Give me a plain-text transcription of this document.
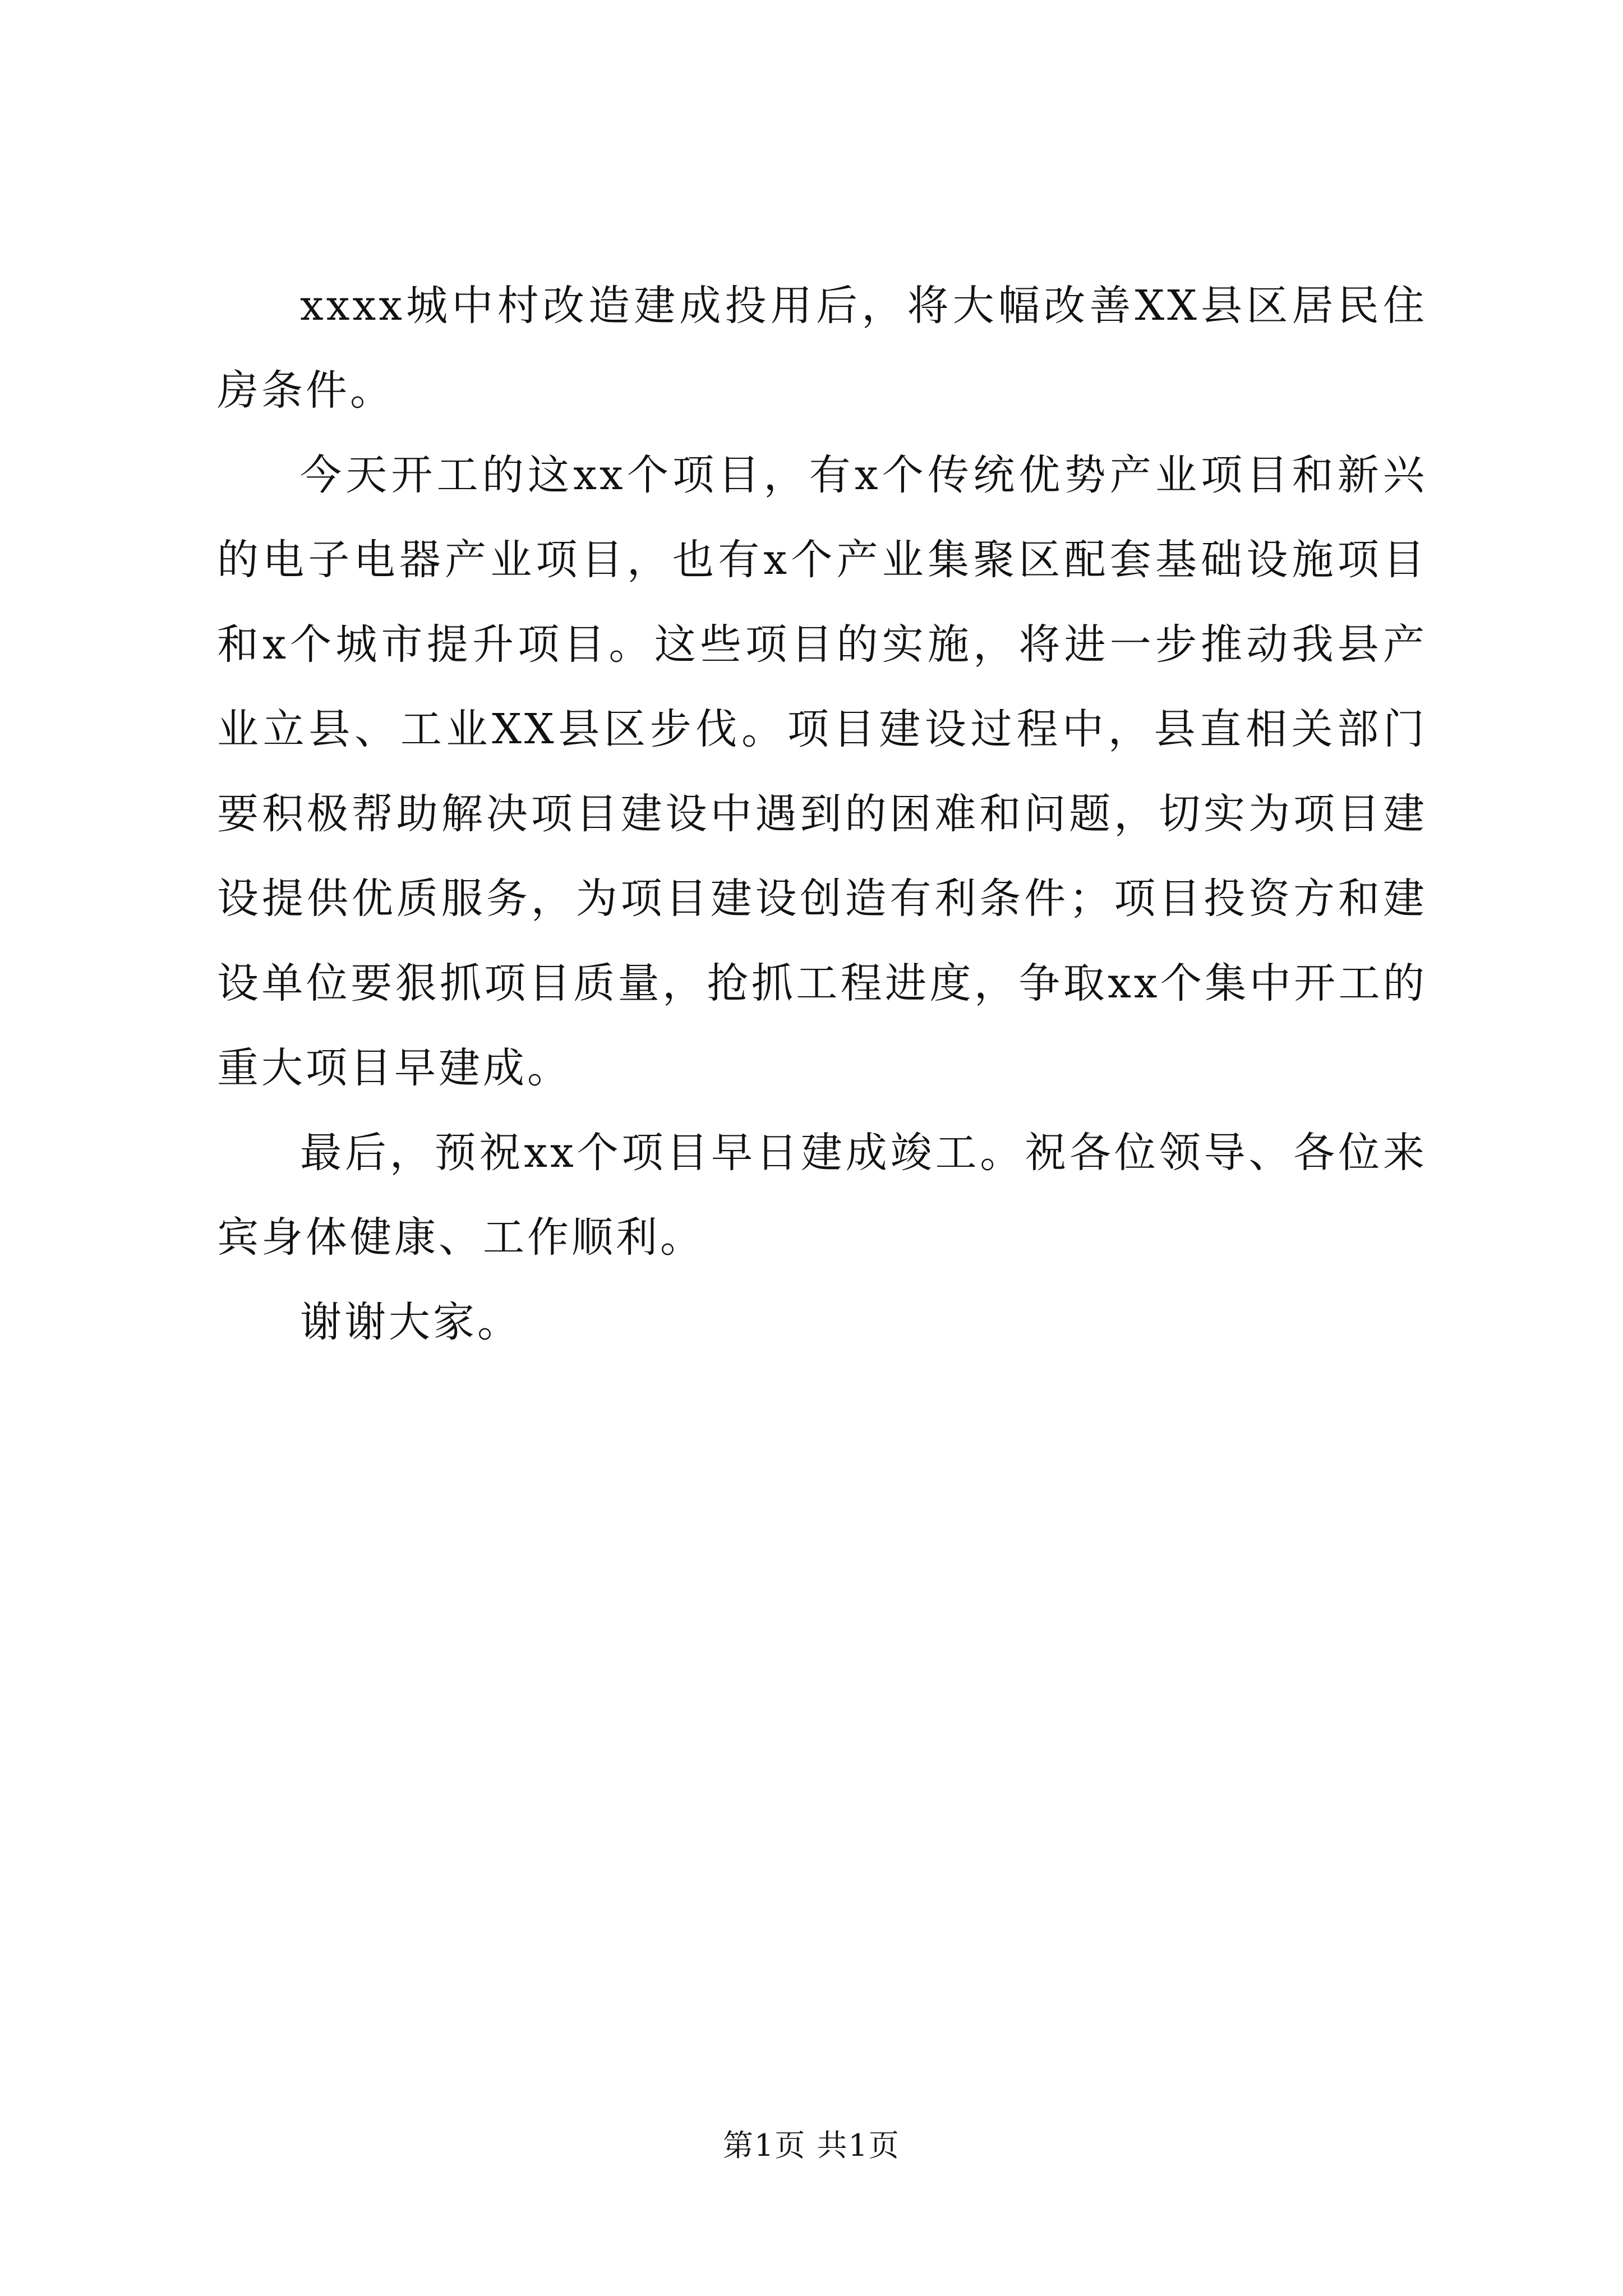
xxxx城中村改造建成投用后，将大幅改善XX县区居民住房条件。

今天开工的这xx个项目，有x个传统优势产业项目和新兴的电子电器产业项目，也有x个产业集聚区配套基础设施项目和x个城市提升项目。这些项目的实施，将进一步推动我县产业立县、工业XX县区步伐。项目建设过程中，县直相关部门要积极帮助解决项目建设中遇到的困难和问题，切实为项目建设提供优质服务，为项目建设创造有利条件；项目投资方和建设单位要狠抓项目质量，抢抓工程进度，争取xx个集中开工的重大项目早建成。

最后，预祝xx个项目早日建成竣工。祝各位领导、各位来宾身体健康、工作顺利。

谢谢大家。

第1页 共1页
